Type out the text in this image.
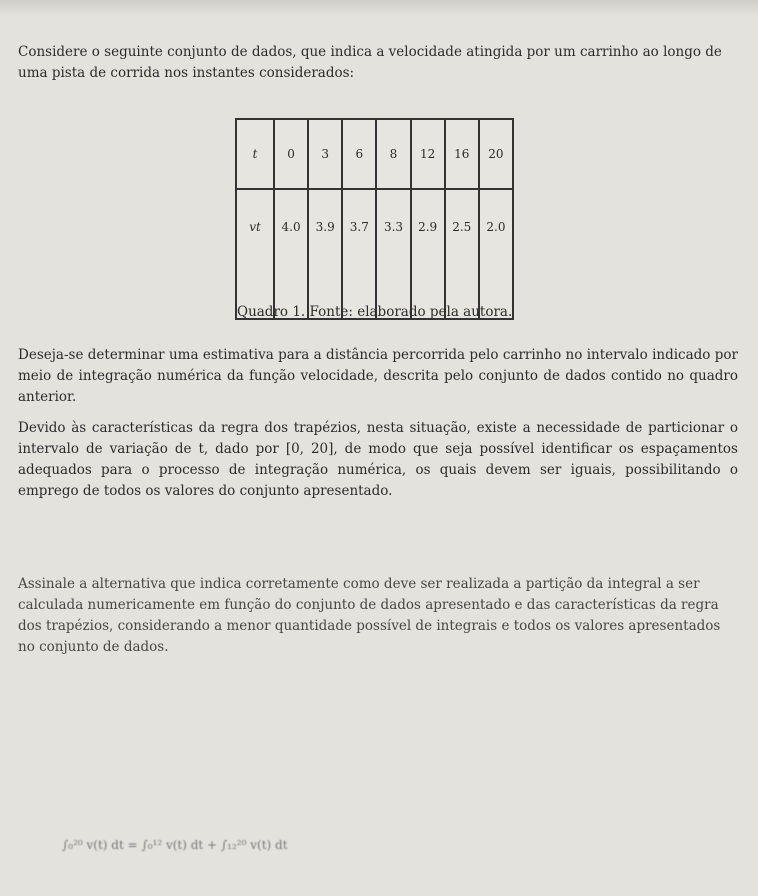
Considere o seguinte conjunto de dados, que indica a velocidade atingida por um carrinho ao longo de uma pista de corrida nos instantes considerados:

t	0	3	6	8	12	16	20
vt	4.0	3.9	3.7	3.3	2.9	2.5	2.0

Quadro 1. Fonte: elaborado pela autora.

Deseja-se determinar uma estimativa para a distância percorrida pelo carrinho no intervalo indicado por meio de integração numérica da função velocidade, descrita pelo conjunto de dados contido no quadro anterior.

Devido às características da regra dos trapézios, nesta situação, existe a necessidade de particionar o intervalo de variação de t, dado por [0, 20], de modo que seja possível identificar os espaçamentos adequados para o processo de integração numérica, os quais devem ser iguais, possibilitando o emprego de todos os valores do conjunto apresentado.

Assinale a alternativa que indica corretamente como deve ser realizada a partição da integral a ser calculada numericamente em função do conjunto de dados apresentado e das características da regra dos trapézios, considerando a menor quantidade possível de integrais e todos os valores apresentados no conjunto de dados.

∫₀²⁰ v(t) dt = ∫₀¹² v(t) dt + ∫₁₂²⁰ v(t) dt
